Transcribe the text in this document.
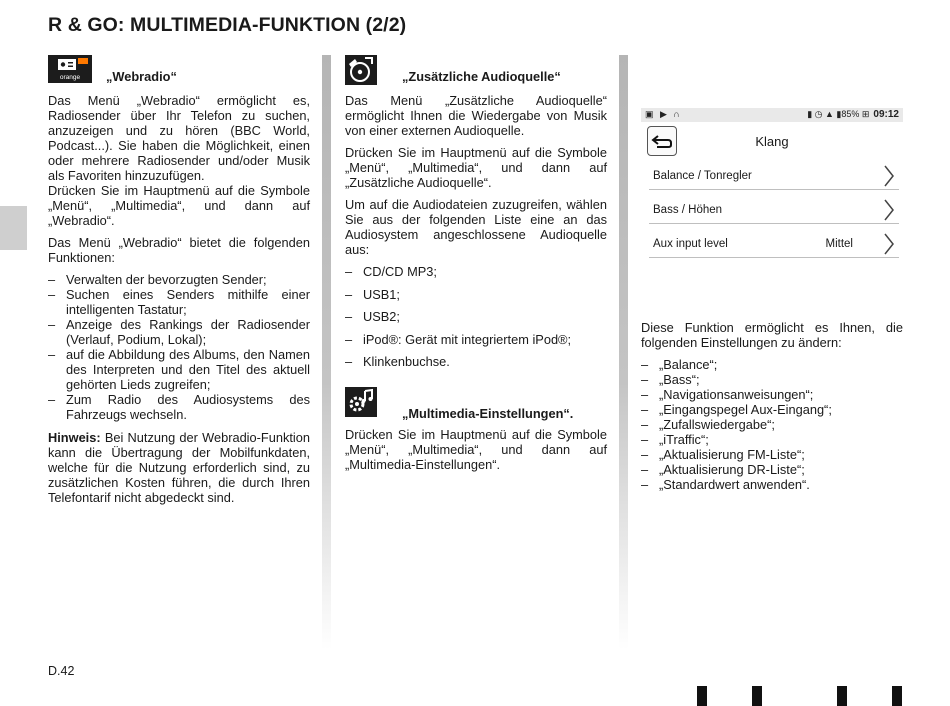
R & GO: MULTIMEDIA-FUNKTION (2/2)
orange „Webradio“
Das Menü „Webradio“ ermöglicht es, Radiosender über Ihr Telefon zu suchen, anzuzeigen und zu hören (BBC World, Podcast...). Sie haben die Möglichkeit, einen oder mehrere Radiosender und/oder Musik als Favoriten hinzuzufügen.
Drücken Sie im Hauptmenü auf die Symbole „Menü“, „Multimedia“, und dann auf „Webradio“.
Das Menü „Webradio“ bietet die folgenden Funktionen:
– Verwalten der bevorzugten Sender;
– Suchen eines Senders mithilfe einer intelligenten Tastatur;
– Anzeige des Rankings der Radiosender (Verlauf, Podium, Lokal);
– auf die Abbildung des Albums, den Namen des Interpreten und den Titel des aktuell gehörten Lieds zugreifen;
– Zum Radio des Audiosystems des Fahrzeugs wechseln.
Hinweis: Bei Nutzung der Webradio-Funktion kann die Übertragung der Mobilfunkdaten, welche für die Nutzung erforderlich sind, zu zusätzlichen Kosten führen, die durch Ihren Telefontarif nicht abgedeckt sind.
„Zusätzliche Audioquelle“
Das Menü „Zusätzliche Audioquelle“ ermöglicht Ihnen die Wiedergabe von Musik von einer externen Audioquelle.
Drücken Sie im Hauptmenü auf die Symbole „Menü“, „Multimedia“, und dann auf „Zusätzliche Audioquelle“.
Um auf die Audiodateien zuzugreifen, wählen Sie aus der folgenden Liste eine an das Audiosystem angeschlossene Audioquelle aus:
– CD/CD MP3;
– USB1;
– USB2;
– iPod®: Gerät mit integriertem iPod®;
– Klinkenbuchse.
„Multimedia-Einstellungen“.
Drücken Sie im Hauptmenü auf die Symbole „Menü“, „Multimedia“, und dann auf „Multimedia-Einstellungen“.
▣ ▶ ∩	▮ ◷ ▲ ▮85% ⊞ 09:12
Klang
Balance / Tonregler
Bass / Höhen
Aux input level	Mittel
Diese Funktion ermöglicht es Ihnen, die folgenden Einstellungen zu ändern:
– „Balance“;
– „Bass“;
– „Navigationsanweisungen“;
– „Eingangspegel Aux-Eingang“;
– „Zufallswiedergabe“;
– „iTraffic“;
– „Aktualisierung FM-Liste“;
– „Aktualisierung DR-Liste“;
– „Standardwert anwenden“.
D.42
